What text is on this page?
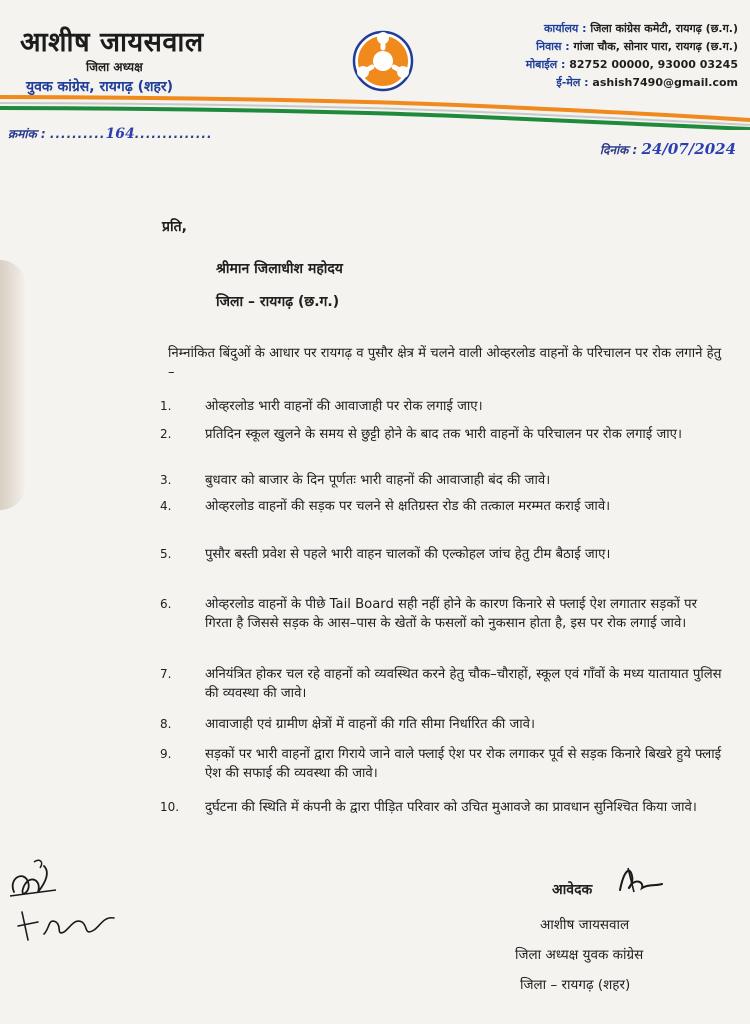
आशीष जायसवाल
जिला अध्यक्ष
युवक कांग्रेस, रायगढ़ (शहर)
कार्यालय : जिला कांग्रेस कमेटी, रायगढ़ (छ.ग.)
निवास : गांजा चौक, सोनार पारा, रायगढ़ (छ.ग.)
मोबाईल : 82752 00000, 93000 03245
ई-मेल : ashish7490@gmail.com
क्रमांक : ..........164..............
दिनांक : 24/07/2024
प्रति,
श्रीमान जिलाधीश महोदय
जिला – रायगढ़ (छ.ग.)
निम्नांकित बिंदुओं के आधार पर रायगढ़ व पुसौर क्षेत्र में चलने वाली ओव्हरलोड वाहनों के परिचालन पर रोक लगाने हेतु –
1.	ओव्हरलोड भारी वाहनों की आवाजाही पर रोक लगाई जाए।
2.	प्रतिदिन स्कूल खुलने के समय से छुट्टी होने के बाद तक भारी वाहनों के परिचालन पर रोक लगाई जाए।
3.	बुधवार को बाजार के दिन पूर्णतः भारी वाहनों की आवाजाही बंद की जावे।
4.	ओव्हरलोड वाहनों की सड़क पर चलने से क्षतिग्रस्त रोड की तत्काल मरम्मत कराई जावे।
5.	पुसौर बस्ती प्रवेश से पहले भारी वाहन चालकों की एल्कोहल जांच हेतु टीम बैठाई जाए।
6.	ओव्हरलोड वाहनों के पीछे Tail Board सही नहीं होने के कारण किनारे से फ्लाई ऐश लगातार सड़कों पर गिरता है जिससे सड़क के आस–पास के खेतों के फसलों को नुकसान होता है, इस पर रोक लगाई जावे।
7.	अनियंत्रित होकर चल रहे वाहनों को व्यवस्थित करने हेतु चौक–चौराहों, स्कूल एवं गाँवों के मध्य यातायात पुलिस की व्यवस्था की जावे।
8.	आवाजाही एवं ग्रामीण क्षेत्रों में वाहनों की गति सीमा निर्धारित की जावे।
9.	सड़कों पर भारी वाहनों द्वारा गिराये जाने वाले फ्लाई ऐश पर रोक लगाकर पूर्व से सड़क किनारे बिखरे हुये फ्लाई ऐश की सफाई की व्यवस्था की जावे।
10.	दुर्घटना की स्थिति में कंपनी के द्वारा पीड़ित परिवार को उचित मुआवजे का प्रावधान सुनिश्चित किया जावे।
आवेदक
आशीष जायसवाल
जिला अध्यक्ष युवक कांग्रेस
जिला – रायगढ़ (शहर)
